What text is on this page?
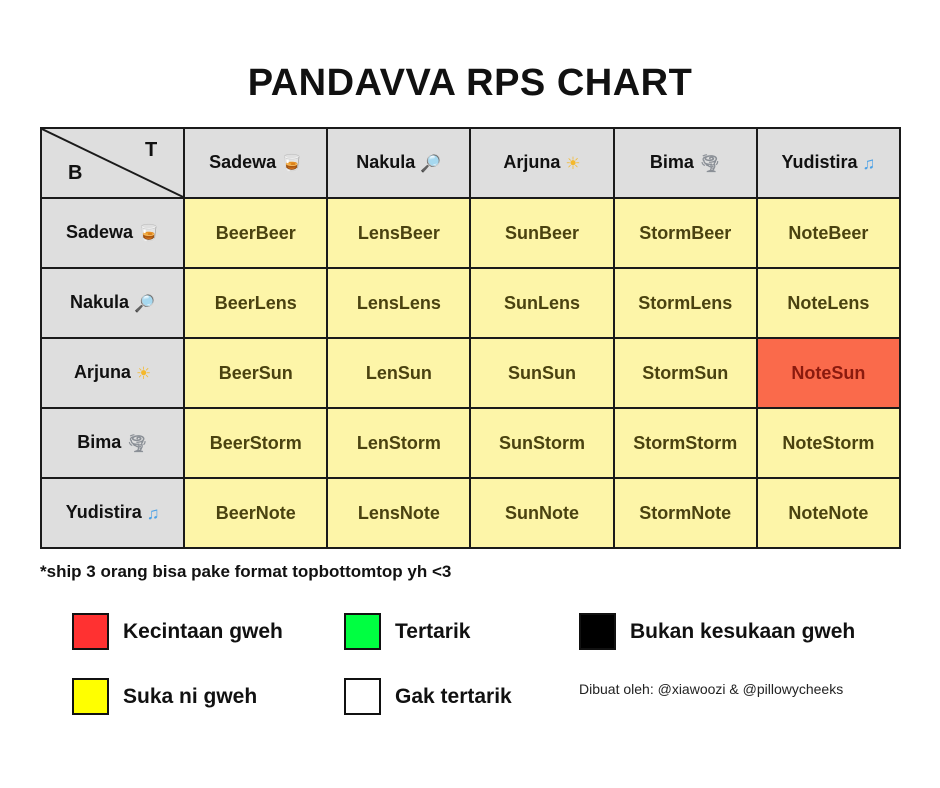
PANDAVVA RPS CHART
T
B	Sadewa 🥃	Nakula 🔎	Arjuna ☀	Bima 🌪	Yudistira ♫
Sadewa 🥃	BeerBeer	LensBeer	SunBeer	StormBeer	NoteBeer
Nakula 🔎	BeerLens	LensLens	SunLens	StormLens	NoteLens
Arjuna ☀	BeerSun	LenSun	SunSun	StormSun	NoteSun
Bima 🌪	BeerStorm	LenStorm	SunStorm	StormStorm	NoteStorm
Yudistira ♫	BeerNote	LensNote	SunNote	StormNote	NoteNote
*ship 3 orang bisa pake format topbottomtop yh <3
Kecintaan gweh	Tertarik	Bukan kesukaan gweh
Suka ni gweh	Gak tertarik	Dibuat oleh: @xiawoozi & @pillowycheeks
